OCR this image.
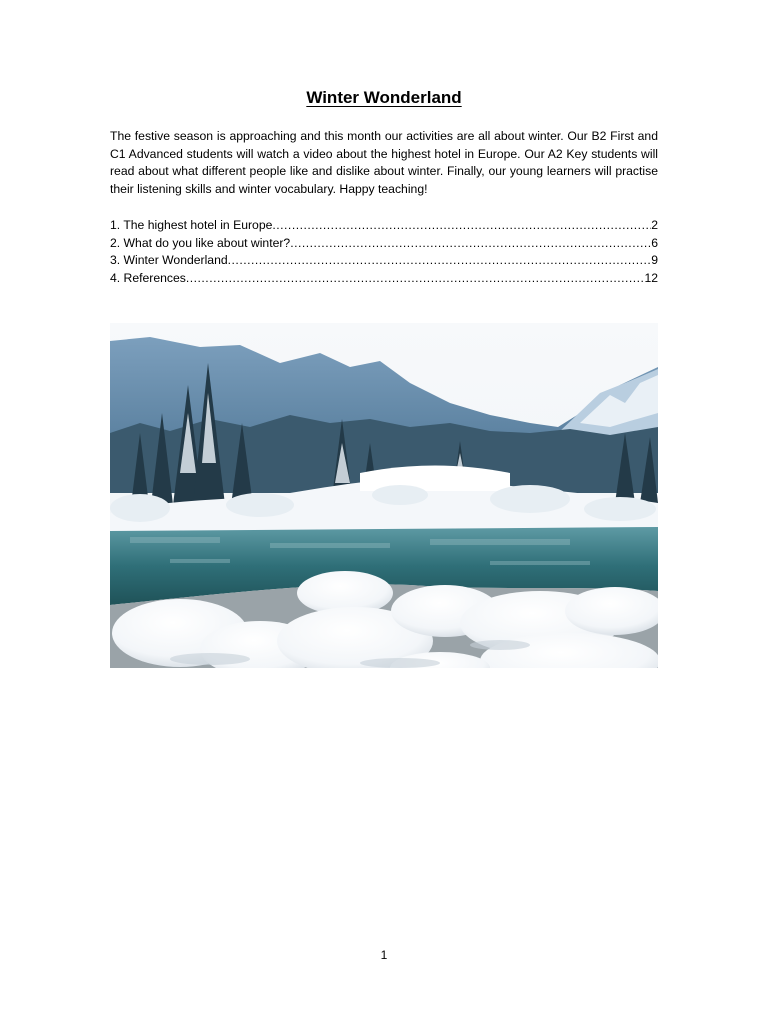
Winter Wonderland

The festive season is approaching and this month our activities are all about winter. Our B2 First and C1 Advanced students will watch a video about the highest hotel in Europe. Our A2 Key students will read about what different people like and dislike about winter. Finally, our young learners will practise their listening skills and winter vocabulary. Happy teaching!

1. The highest hotel in Europe .....	2
2. What do you like about winter? .....	6
3. Winter Wonderland .....	9
4. References .....	12
1
